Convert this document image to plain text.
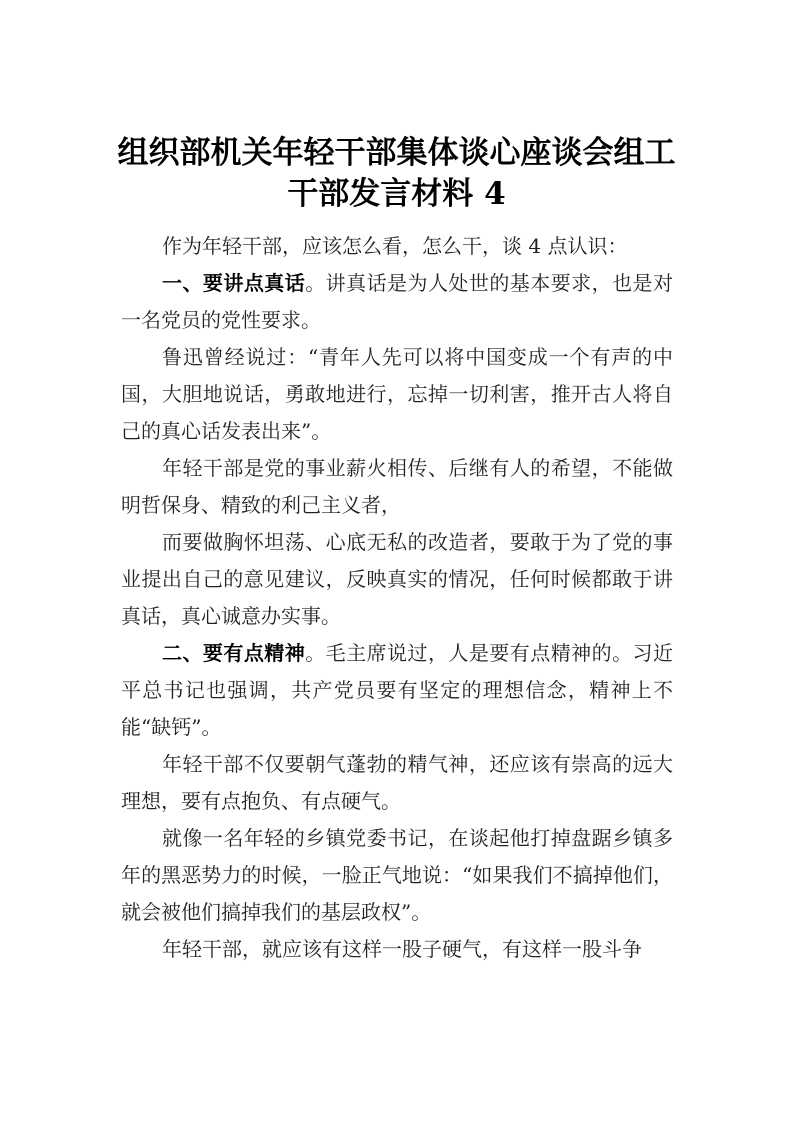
组织部机关年轻干部集体谈心座谈会组工
干部发言材料 4

作为年轻干部，应该怎么看，怎么干，谈 4 点认识：

一、要讲点真话。讲真话是为人处世的基本要求，也是对一名党员的党性要求。

鲁迅曾经说过：“青年人先可以将中国变成一个有声的中国，大胆地说话，勇敢地进行，忘掉一切利害，推开古人将自己的真心话发表出来”。

年轻干部是党的事业薪火相传、后继有人的希望，不能做明哲保身、精致的利己主义者，

而要做胸怀坦荡、心底无私的改造者，要敢于为了党的事业提出自己的意见建议，反映真实的情况，任何时候都敢于讲真话，真心诚意办实事。

二、要有点精神。毛主席说过，人是要有点精神的。习近平总书记也强调，共产党员要有坚定的理想信念，精神上不能“缺钙”。

年轻干部不仅要朝气蓬勃的精气神，还应该有崇高的远大理想，要有点抱负、有点硬气。

就像一名年轻的乡镇党委书记，在谈起他打掉盘踞乡镇多年的黑恶势力的时候，一脸正气地说：“如果我们不搞掉他们，就会被他们搞掉我们的基层政权”。

年轻干部，就应该有这样一股子硬气，有这样一股斗争
